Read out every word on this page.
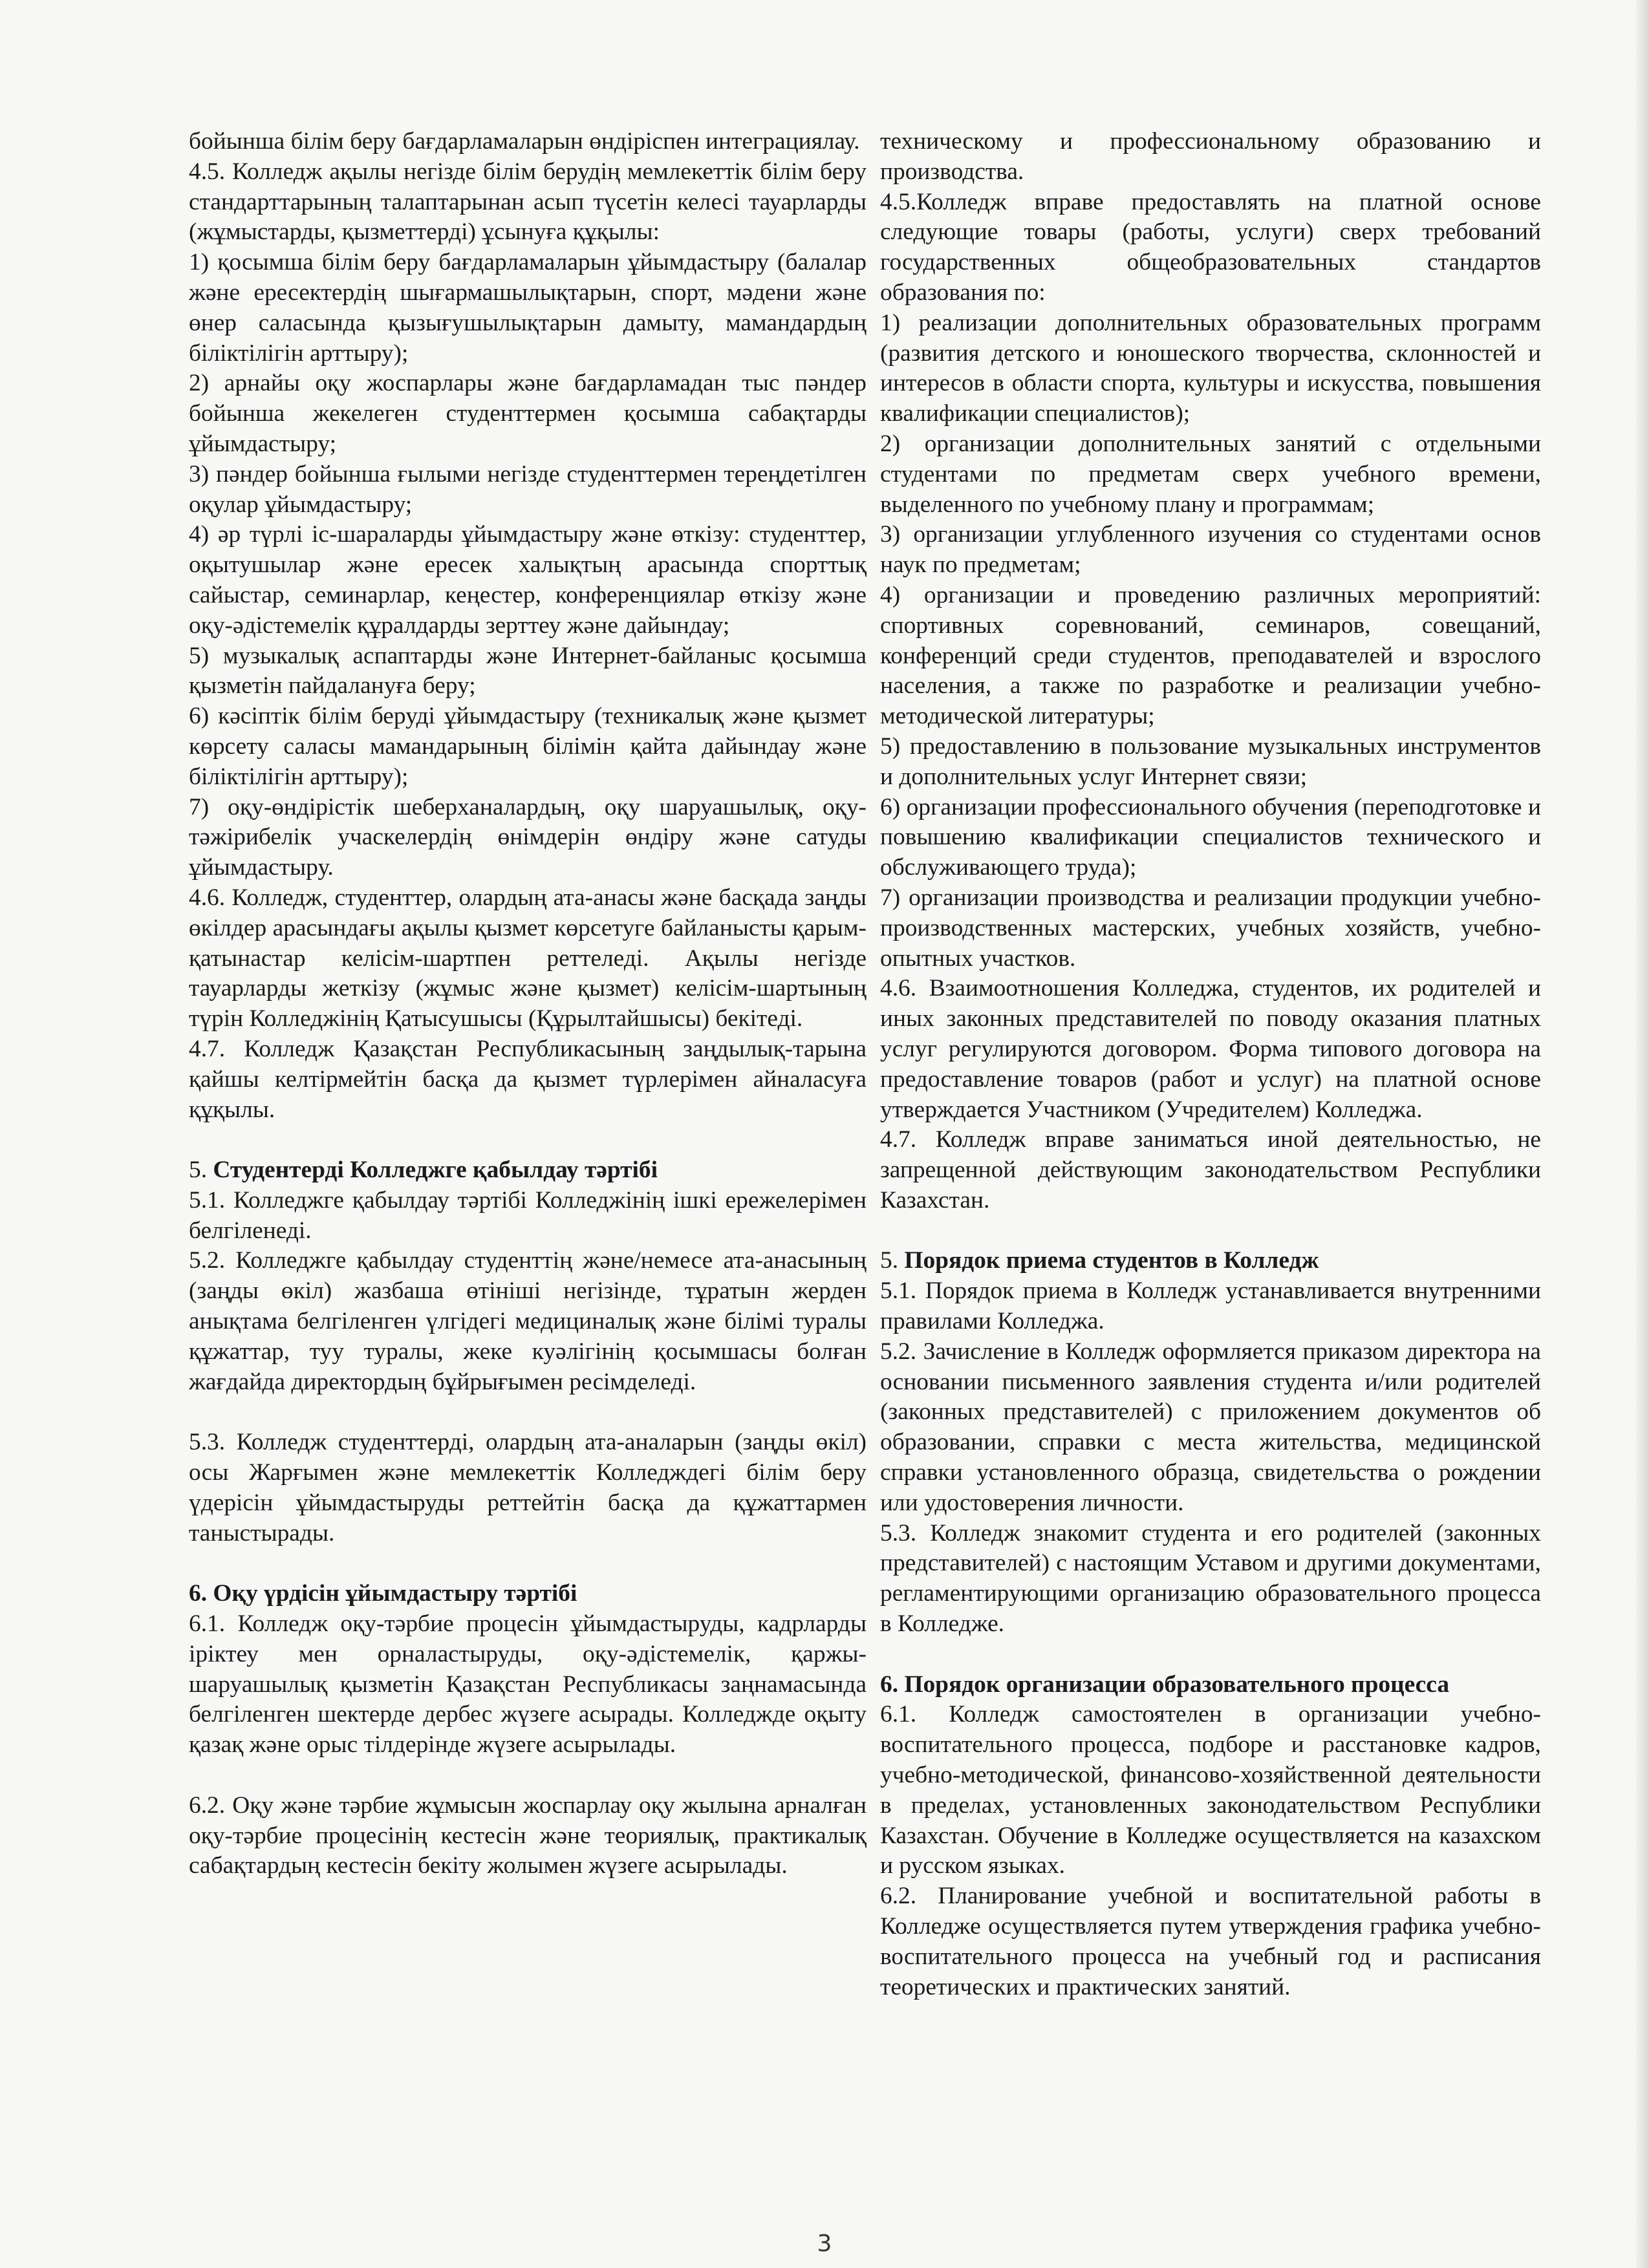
бойынша білім беру бағдарламаларын өндіріспен интеграциялау.

4.5. Колледж ақылы негізде білім берудің мемлекеттік білім беру стандарттарының талаптарынан асып түсетін келесі тауарларды (жұмыстарды, қызметтерді) ұсынуға құқылы:

1) қосымша білім беру бағдарламаларын ұйымдастыру (балалар және ересектердің шығармашылықтарын, спорт, мәдени және өнер саласында қызығушылықтарын дамыту, мамандардың біліктілігін арттыру);

2) арнайы оқу жоспарлары және бағдарламадан тыс пәндер бойынша жекелеген студенттермен қосымша сабақтарды ұйымдастыру;

3) пәндер бойынша ғылыми негізде студенттермен тереңдетілген оқулар ұйымдастыру;

4) әр түрлі іс-шараларды ұйымдастыру және өткізу: студенттер, оқытушылар және ересек халықтың арасында спорттық сайыстар, семинарлар, кеңестер, конференциялар өткізу және оқу-әдістемелік құралдарды зерттеу және дайындау;

5) музыкалық аспаптарды және Интернет-байланыс қосымша қызметін пайдалануға беру;

6) кәсіптік білім беруді ұйымдастыру (техникалық және қызмет көрсету саласы мамандарының білімін қайта дайындау және біліктілігін арттыру);

7) оқу-өндірістік шеберханалардың, оқу шаруашылық, оқу-тәжірибелік учаскелердің өнімдерін өндіру және сатуды ұйымдастыру.

4.6. Колледж, студенттер, олардың ата-анасы және басқада заңды өкілдер арасындағы ақылы қызмет көрсетуге байланысты қарым-қатынастар келісім-шартпен реттеледі. Ақылы негізде тауарларды жеткізу (жұмыс және қызмет) келісім-шартының түрін Колледжінің Қатысушысы (Құрылтайшысы) бекітеді.

4.7. Колледж Қазақстан Республикасының заңдылық-тарына қайшы келтірмейтін басқа да қызмет түрлерімен айналасуға құқылы.

5. Студентерді Колледжге қабылдау тәртібі

5.1. Колледжге қабылдау тәртібі Колледжінің ішкі ережелерімен белгіленеді.

5.2. Колледжге қабылдау студенттің және/немесе ата-анасының (заңды өкіл) жазбаша өтініші негізінде, тұратын жерден анықтама белгіленген үлгідегі медициналық жәнe білімі туралы құжаттар, туу туралы, жеке куәлігінің қосымшасы болған жағдайда директордың бұйрығымен ресімделеді.

5.3. Колледж студенттерді, олардың ата-аналарын (заңды өкіл) осы Жарғымен және мемлекеттік Колледждегі білім беру үдерісін ұйымдастыруды реттейтін басқа да құжаттармен таныстырады.

6. Оқу үрдісін ұйымдастыру тәртібі

6.1. Колледж оқу-тәрбие процесін ұйымдастыруды, кадрларды іріктеу мен орналастыруды, оқу-әдістемелік, қаржы-шаруашылық қызметін Қазақстан Республикасы заңнамасында белгіленген шектерде дербес жүзеге асырады. Колледжде оқыту қазақ және орыс тілдерінде жүзеге асырылады.

6.2. Оқу және тәрбие жұмысын жоспарлау оқу жылына арналған оқу-тәрбие процесінің кестесін және теориялық, практикалық сабақтардың кестесін бекіту жолымен жүзеге асырылады.

техническому и профессиональному образованию и производства.

4.5.Колледж вправе предоставлять на платной основе следующие товары (работы, услуги) сверх требований государственных общеобразовательных стандартов образования по:

1) реализации дополнительных образовательных программ (развития детского и юношеского творчества, склонностей и интересов в области спорта, культуры и искусства, повышения квалификации специалистов);

2) организации дополнительных занятий с отдельными студентами по предметам сверх учебного времени, выделенного по учебному плану и программам;

3) организации углубленного изучения со студентами основ наук по предметам;

4) организации и проведению различных мероприятий: спортивных соревнований, семинаров, совещаний, конференций среди студентов, преподавателей и взрослого населения, а также по разработке и реализации учебно-методической литературы;

5) предоставлению в пользование музыкальных инструментов и дополнительных услуг Интернет связи;

6) организации профессионального обучения (переподготовке и повышению квалификации специалистов технического и обслуживающего труда);

7) организации производства и реализации продукции учебно-производственных мастерских, учебных хозяйств, учебно-опытных участков.

4.6. Взаимоотношения Колледжа, студентов, их родителей и иных законных представителей по поводу оказания платных услуг регулируются договором. Форма типового договора на предоставление товаров (работ и услуг) на платной основе утверждается Участником (Учредителем) Колледжа.

4.7. Колледж вправе заниматься иной деятельностью, не запрещенной действующим законодательством Республики Казахстан.

5. Порядок приема студентов в Колледж

5.1. Порядок приема в Колледж устанавливается внутренними правилами Колледжа.

5.2. Зачисление в Колледж оформляется приказом директора на основании письменного заявления студента и/или родителей (законных представителей) с приложением документов об образовании, справки с места жительства, медицинской справки установленного образца, свидетельства о рождении или удостоверения личности.

5.3. Колледж знакомит студента и его родителей (законных представителей) с настоящим Уставом и другими документами, регламентирующими организацию образовательного процесса в Колледже.

6. Порядок организации образовательного процесса

6.1. Колледж самостоятелен в организации учебно-воспитательного процесса, подборе и расстановке кадров, учебно-методической, финансово-хозяйственной деятельности в пределах, установленных законодательством Республики Казахстан. Обучение в Колледже осуществляется на казахском и русском языках.

6.2. Планирование учебной и воспитательной работы в Колледже осуществляется путем утверждения графика учебно-воспитательного процесса на учебный год и расписания теоретических и практических занятий.

3
